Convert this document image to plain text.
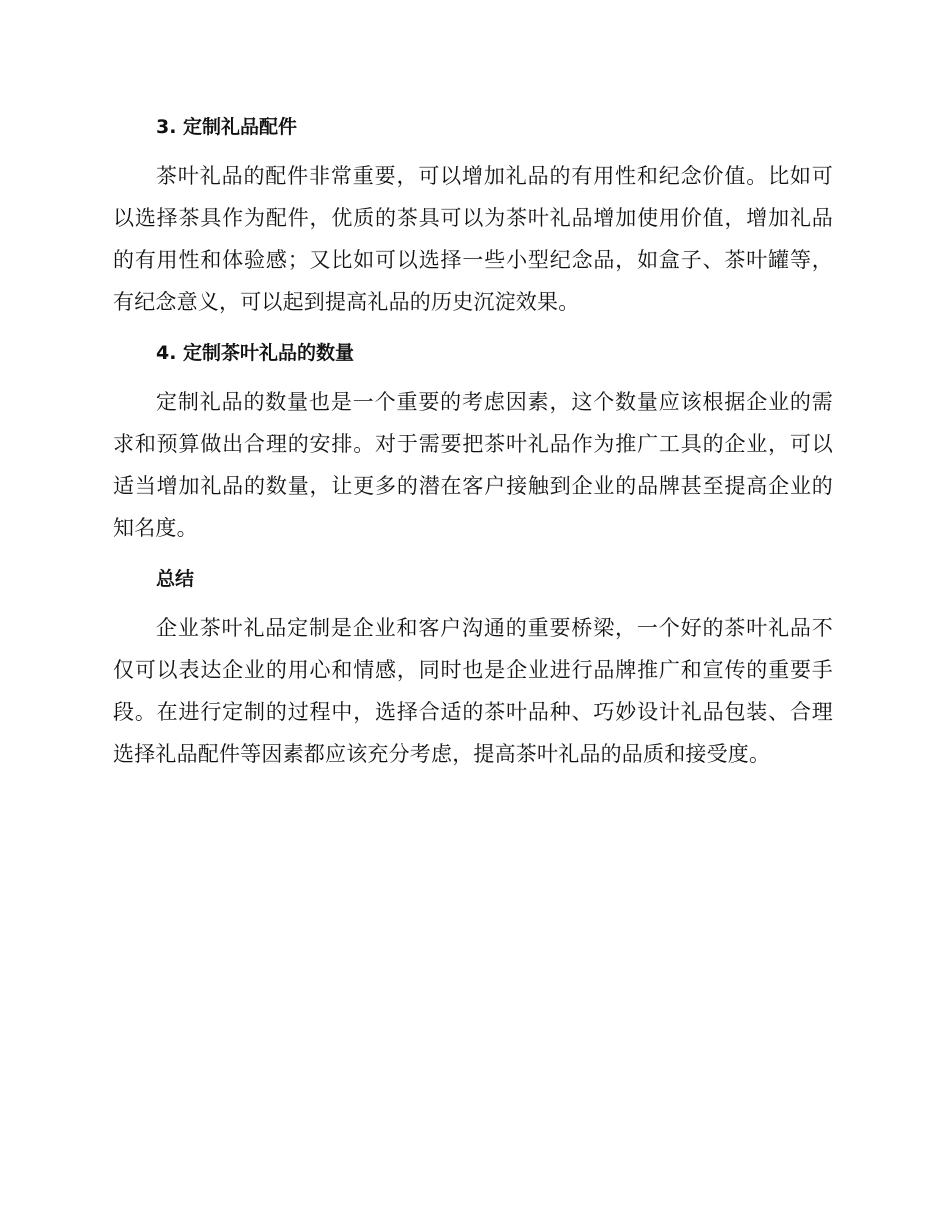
3. 定制礼品配件

茶叶礼品的配件非常重要，可以增加礼品的有用性和纪念价值。比如可以选择茶具作为配件，优质的茶具可以为茶叶礼品增加使用价值，增加礼品的有用性和体验感；又比如可以选择一些小型纪念品，如盒子、茶叶罐等，有纪念意义，可以起到提高礼品的历史沉淀效果。

4. 定制茶叶礼品的数量

定制礼品的数量也是一个重要的考虑因素，这个数量应该根据企业的需求和预算做出合理的安排。对于需要把茶叶礼品作为推广工具的企业，可以适当增加礼品的数量，让更多的潜在客户接触到企业的品牌甚至提高企业的知名度。

总结

企业茶叶礼品定制是企业和客户沟通的重要桥梁，一个好的茶叶礼品不仅可以表达企业的用心和情感，同时也是企业进行品牌推广和宣传的重要手段。在进行定制的过程中，选择合适的茶叶品种、巧妙设计礼品包装、合理选择礼品配件等因素都应该充分考虑，提高茶叶礼品的品质和接受度。
